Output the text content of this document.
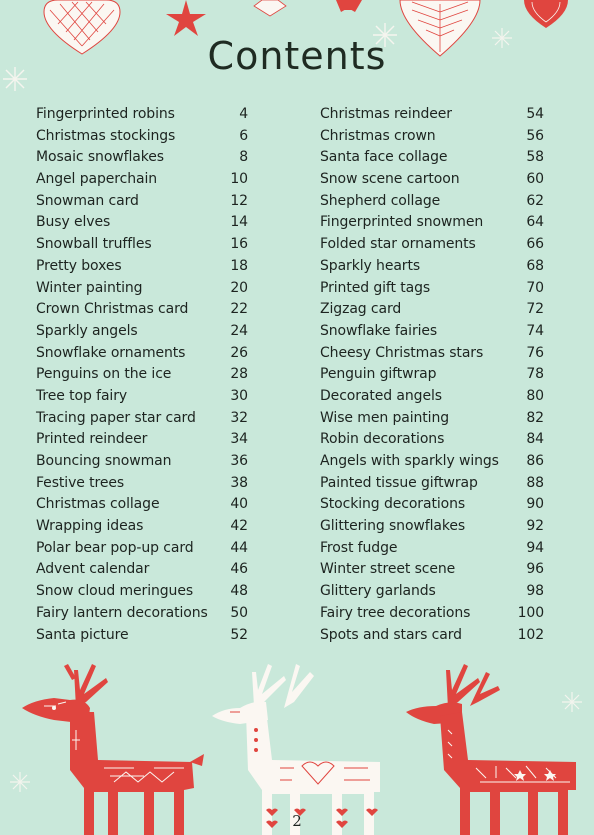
Contents
Fingerprinted robins	4
Christmas stockings	6
Mosaic snowflakes	8
Angel paperchain	10
Snowman card	12
Busy elves	14
Snowball truffles	16
Pretty boxes	18
Winter painting	20
Crown Christmas card	22
Sparkly angels	24
Snowflake ornaments	26
Penguins on the ice	28
Tree top fairy	30
Tracing paper star card	32
Printed reindeer	34
Bouncing snowman	36
Festive trees	38
Christmas collage	40
Wrapping ideas	42
Polar bear pop-up card	44
Advent calendar	46
Snow cloud meringues	48
Fairy lantern decorations	50
Santa picture	52
Christmas reindeer	54
Christmas crown	56
Santa face collage	58
Snow scene cartoon	60
Shepherd collage	62
Fingerprinted snowmen	64
Folded star ornaments	66
Sparkly hearts	68
Printed gift tags	70
Zigzag card	72
Snowflake fairies	74
Cheesy Christmas stars	76
Penguin giftwrap	78
Decorated angels	80
Wise men painting	82
Robin decorations	84
Angels with sparkly wings	86
Painted tissue giftwrap	88
Stocking decorations	90
Glittering snowflakes	92
Frost fudge	94
Winter street scene	96
Glittery garlands	98
Fairy tree decorations	100
Spots and stars card	102
2
